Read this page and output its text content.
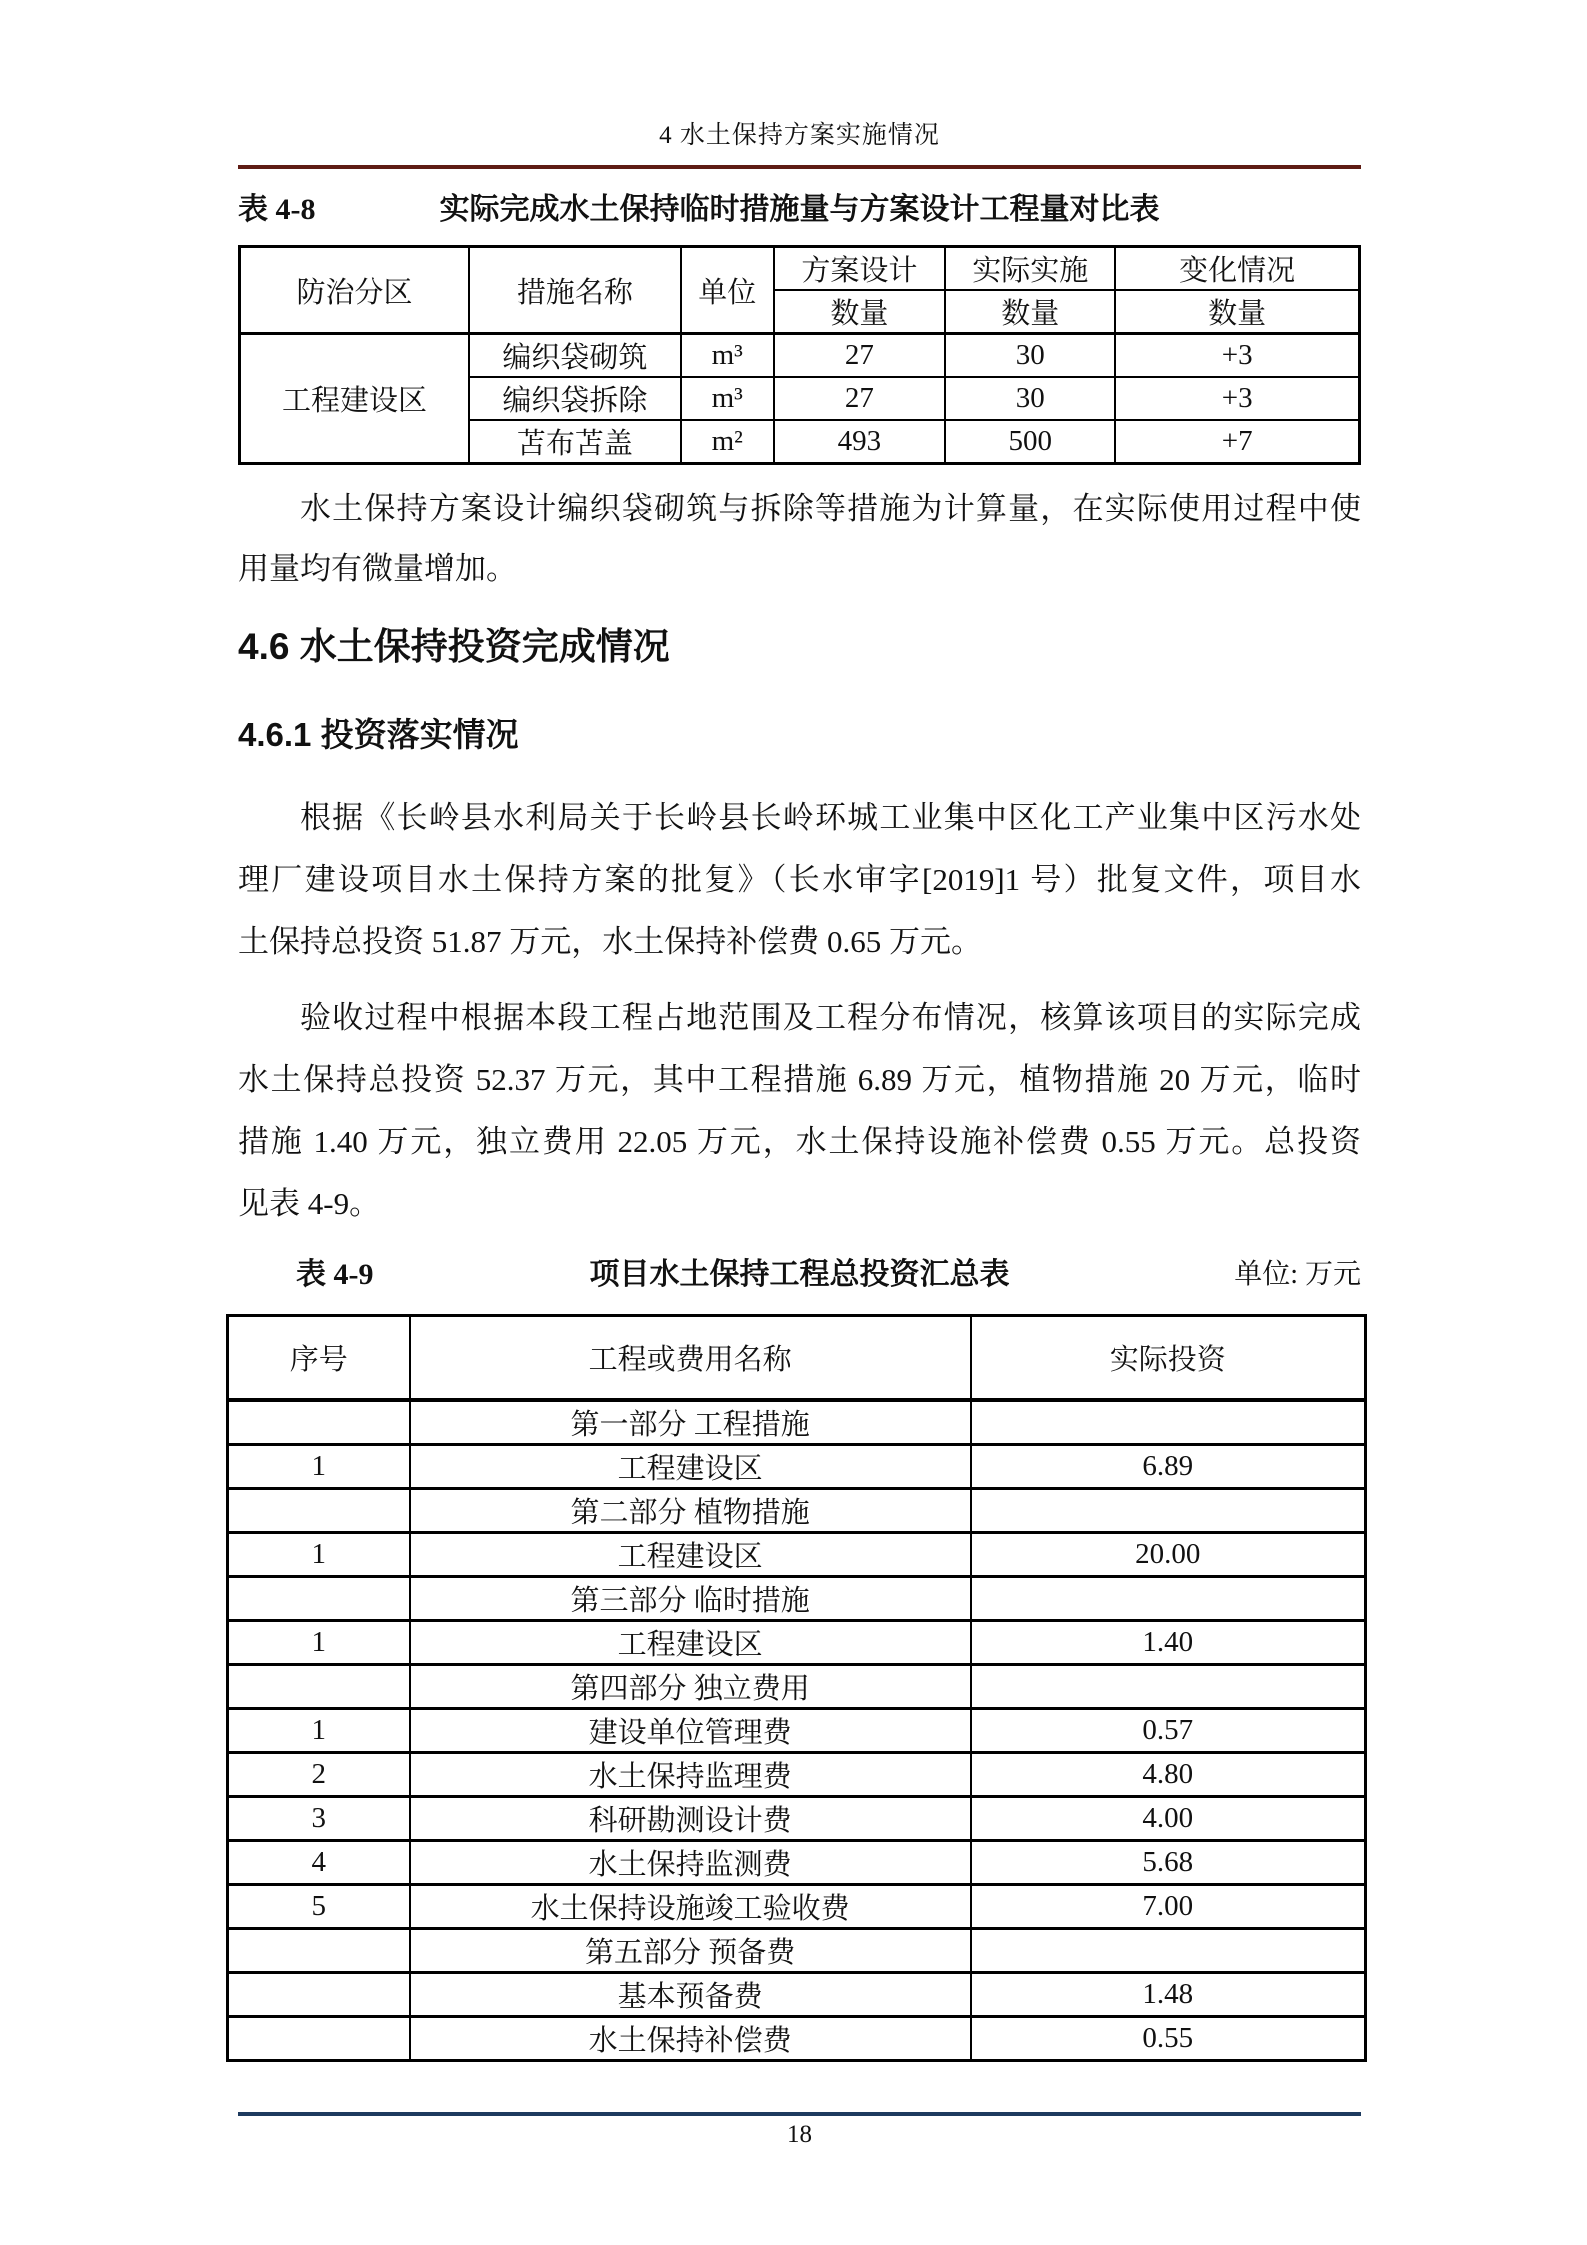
4 水土保持方案实施情况
表 4-8	实际完成水土保持临时措施量与方案设计工程量对比表
防治分区	措施名称	单位	方案设计	实际实施	变化情况
			数量	数量	数量
工程建设区	编织袋砌筑	m³	27	30	+3
	编织袋拆除	m³	27	30	+3
	苫布苫盖	m²	493	500	+7
水土保持方案设计编织袋砌筑与拆除等措施为计算量，在实际使用过程中使
用量均有微量增加。
4.6 水土保持投资完成情况
4.6.1 投资落实情况
根据《长岭县水利局关于长岭县长岭环城工业集中区化工产业集中区污水处
理厂建设项目水土保持方案的批复》（长水审字[2019]1 号）批复文件，项目水
土保持总投资 51.87 万元，水土保持补偿费 0.65 万元。
验收过程中根据本段工程占地范围及工程分布情况，核算该项目的实际完成
水土保持总投资 52.37 万元，其中工程措施 6.89 万元，植物措施 20 万元，临时
措施 1.40 万元，独立费用 22.05 万元，水土保持设施补偿费 0.55 万元。总投资
见表 4-9。
表 4-9	项目水土保持工程总投资汇总表	单位: 万元
序号	工程或费用名称	实际投资
	第一部分 工程措施	
1	工程建设区	6.89
	第二部分 植物措施	
1	工程建设区	20.00
	第三部分 临时措施	
1	工程建设区	1.40
	第四部分 独立费用	
1	建设单位管理费	0.57
2	水土保持监理费	4.80
3	科研勘测设计费	4.00
4	水土保持监测费	5.68
5	水土保持设施竣工验收费	7.00
	第五部分 预备费	
	基本预备费	1.48
	水土保持补偿费	0.55
18
